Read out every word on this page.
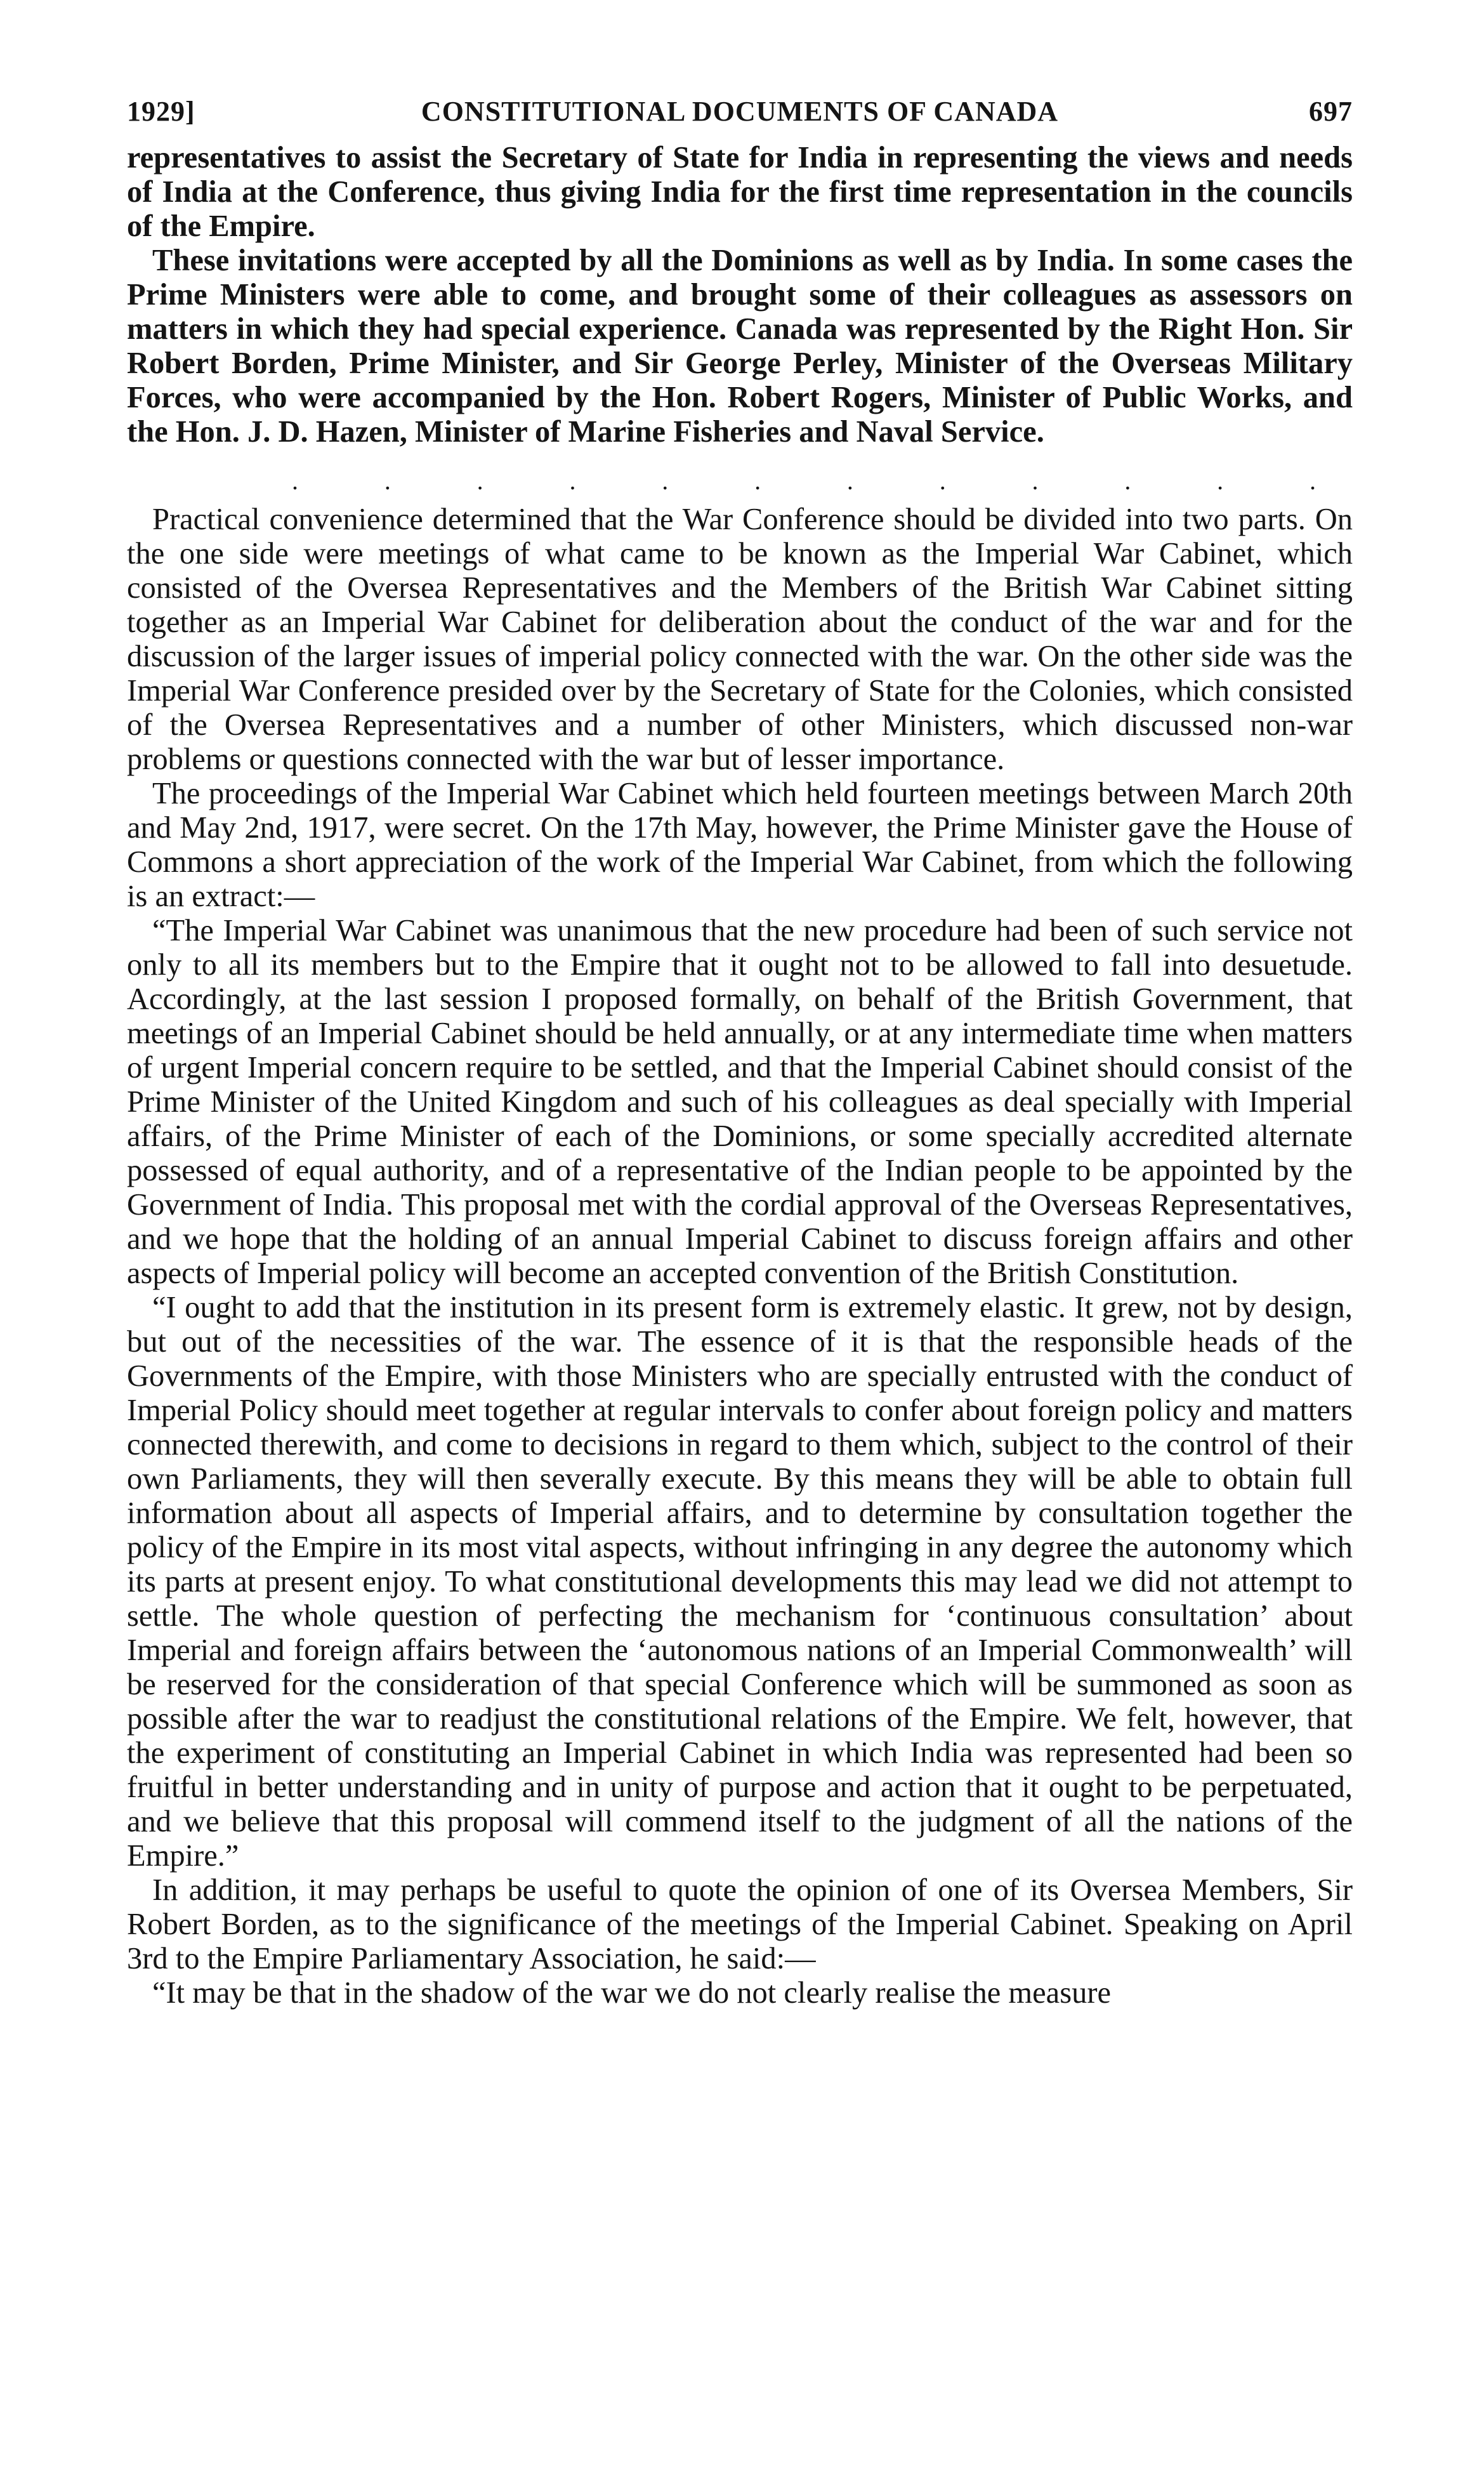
1929]	CONSTITUTIONAL DOCUMENTS OF CANADA	697

representatives to assist the Secretary of State for India in representing the views and needs of India at the Conference, thus giving India for the first time representation in the councils of the Empire.

These invitations were accepted by all the Dominions as well as by India. In some cases the Prime Ministers were able to come, and brought some of their colleagues as assessors on matters in which they had special experience. Canada was represented by the Right Hon. Sir Robert Borden, Prime Minister, and Sir George Perley, Minister of the Overseas Military Forces, who were accompanied by the Hon. Robert Rogers, Minister of Public Works, and the Hon. J. D. Hazen, Minister of Marine Fisheries and Naval Service.

.	.	.	.	.	.	.	.	.	.	.	.

Practical convenience determined that the War Conference should be divided into two parts. On the one side were meetings of what came to be known as the Imperial War Cabinet, which consisted of the Oversea Representatives and the Members of the British War Cabinet sitting together as an Imperial War Cabinet for deliberation about the conduct of the war and for the discussion of the larger issues of imperial policy connected with the war. On the other side was the Imperial War Conference presided over by the Secretary of State for the Colonies, which consisted of the Oversea Representatives and a number of other Ministers, which discussed non-war problems or questions connected with the war but of lesser importance.

The proceedings of the Imperial War Cabinet which held fourteen meetings between March 20th and May 2nd, 1917, were secret. On the 17th May, however, the Prime Minister gave the House of Commons a short appreciation of the work of the Imperial War Cabinet, from which the following is an extract:—

“The Imperial War Cabinet was unanimous that the new procedure had been of such service not only to all its members but to the Empire that it ought not to be allowed to fall into desuetude. Accordingly, at the last session I proposed formally, on behalf of the British Government, that meetings of an Imperial Cabinet should be held annually, or at any intermediate time when matters of urgent Imperial concern require to be settled, and that the Imperial Cabinet should consist of the Prime Minister of the United Kingdom and such of his colleagues as deal specially with Imperial affairs, of the Prime Minister of each of the Dominions, or some specially accredited alternate possessed of equal authority, and of a representative of the Indian people to be appointed by the Government of India. This proposal met with the cordial approval of the Overseas Representatives, and we hope that the holding of an annual Imperial Cabinet to discuss foreign affairs and other aspects of Imperial policy will become an accepted convention of the British Constitution.

“I ought to add that the institution in its present form is extremely elastic. It grew, not by design, but out of the necessities of the war. The essence of it is that the responsible heads of the Governments of the Empire, with those Ministers who are specially entrusted with the conduct of Imperial Policy should meet together at regular intervals to confer about foreign policy and matters connected therewith, and come to decisions in regard to them which, subject to the control of their own Parliaments, they will then severally execute. By this means they will be able to obtain full information about all aspects of Imperial affairs, and to determine by consultation together the policy of the Empire in its most vital aspects, without infringing in any degree the autonomy which its parts at present enjoy. To what constitutional developments this may lead we did not attempt to settle. The whole question of perfecting the mechanism for ‘continuous consultation’ about Imperial and foreign affairs between the ‘autonomous nations of an Imperial Commonwealth’ will be reserved for the consideration of that special Conference which will be summoned as soon as possible after the war to readjust the constitutional relations of the Empire. We felt, however, that the experiment of constituting an Imperial Cabinet in which India was represented had been so fruitful in better understanding and in unity of purpose and action that it ought to be perpetuated, and we believe that this proposal will commend itself to the judgment of all the nations of the Empire.”

In addition, it may perhaps be useful to quote the opinion of one of its Oversea Members, Sir Robert Borden, as to the significance of the meetings of the Imperial Cabinet. Speaking on April 3rd to the Empire Parliamentary Association, he said:—

“It may be that in the shadow of the war we do not clearly realise the measure
